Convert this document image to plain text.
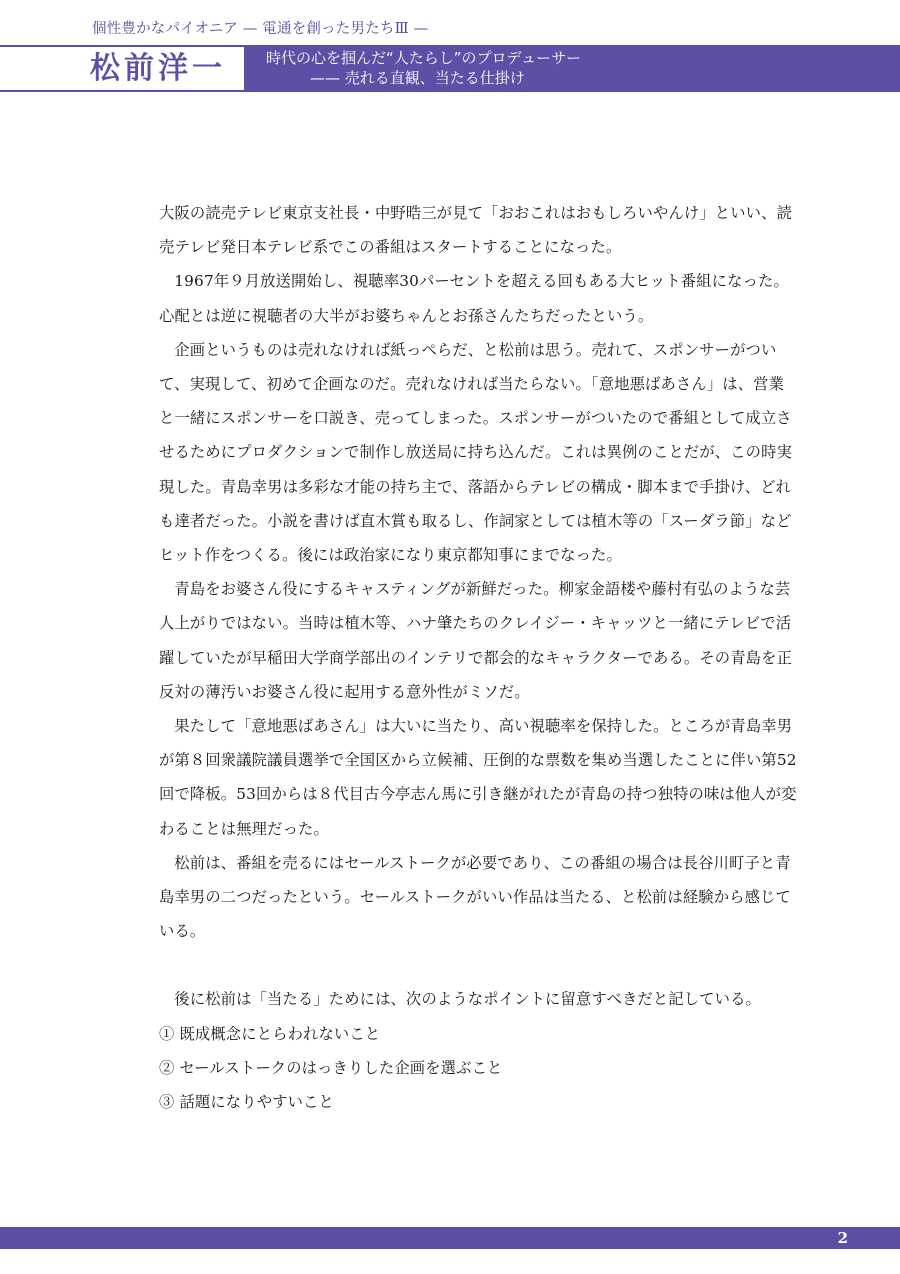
個性豊かなパイオニア — 電通を創った男たちⅢ —
松前洋一	時代の心を掴んだ“人たらし”のプロデューサー
—— 売れる直観、当たる仕掛け

大阪の読売テレビ東京支社長・中野晧三が見て「おおこれはおもしろいやんけ」といい、読売テレビ発日本テレビ系でこの番組はスタートすることになった。

1967年９月放送開始し、視聴率30パーセントを超える回もある大ヒット番組になった。心配とは逆に視聴者の大半がお婆ちゃんとお孫さんたちだったという。

企画というものは売れなければ紙っぺらだ、と松前は思う。売れて、スポンサーがついて、実現して、初めて企画なのだ。売れなければ当たらない。「意地悪ばあさん」は、営業と一緒にスポンサーを口説き、売ってしまった。スポンサーがついたので番組として成立させるためにプロダクションで制作し放送局に持ち込んだ。これは異例のことだが、この時実現した。青島幸男は多彩な才能の持ち主で、落語からテレビの構成・脚本まで手掛け、どれも達者だった。小説を書けば直木賞も取るし、作詞家としては植木等の「スーダラ節」などヒット作をつくる。後には政治家になり東京都知事にまでなった。

青島をお婆さん役にするキャスティングが新鮮だった。柳家金語楼や藤村有弘のような芸人上がりではない。当時は植木等、ハナ肇たちのクレイジー・キャッツと一緒にテレビで活躍していたが早稲田大学商学部出のインテリで都会的なキャラクターである。その青島を正反対の薄汚いお婆さん役に起用する意外性がミソだ。

果たして「意地悪ばあさん」は大いに当たり、高い視聴率を保持した。ところが青島幸男が第８回衆議院議員選挙で全国区から立候補、圧倒的な票数を集め当選したことに伴い第52回で降板。53回からは８代目古今亭志ん馬に引き継がれたが青島の持つ独特の味は他人が変わることは無理だった。

松前は、番組を売るにはセールストークが必要であり、この番組の場合は長谷川町子と青島幸男の二つだったという。セールストークがいい作品は当たる、と松前は経験から感じている。

後に松前は「当たる」ためには、次のようなポイントに留意すべきだと記している。

① 既成概念にとらわれないこと

② セールストークのはっきりした企画を選ぶこと

③ 話題になりやすいこと

2
